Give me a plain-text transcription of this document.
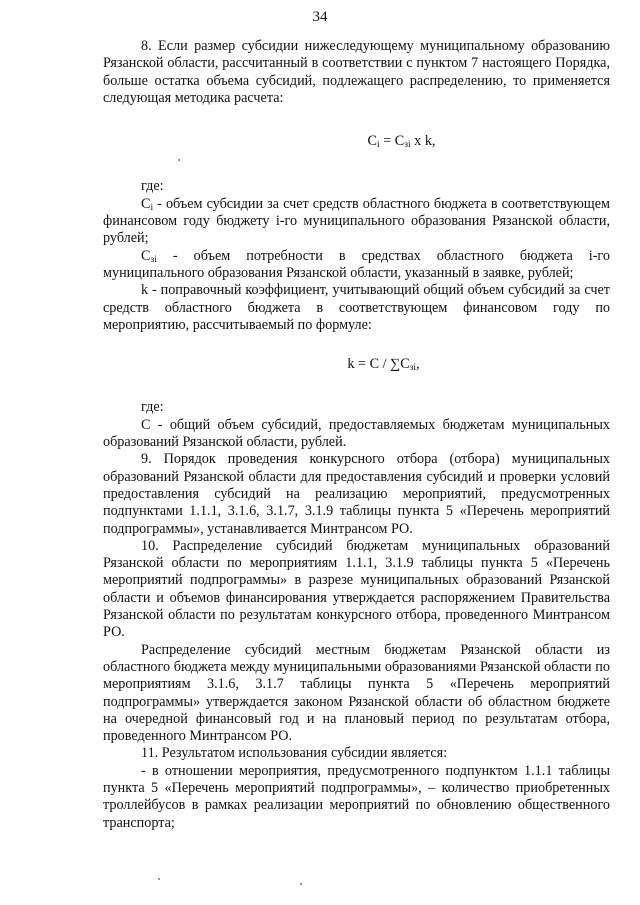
34

8. Если размер субсидии нижеследующему муниципальному образованию Рязанской области, рассчитанный в соответствии с пунктом 7 настоящего Порядка, больше остатка объема субсидий, подлежащего распределению, то применяется следующая методика расчета:

$C_i = C_{зi}$ x k,

где:

$C_i$ - объем субсидии за счет средств областного бюджета в соответствующем финансовом году бюджету i-го муниципального образования Рязанской области, рублей;

$C_{зi}$ - объем потребности в средствах областного бюджета i-го муниципального образования Рязанской области, указанный в заявке, рублей;

k - поправочный коэффициент, учитывающий общий объем субсидий за счет средств областного бюджета в соответствующем финансовом году по мероприятию, рассчитываемый по формуле:

$k = C / \sum C_{зi}$,

где:

C - общий объем субсидий, предоставляемых бюджетам муниципальных образований Рязанской области, рублей.

9. Порядок проведения конкурсного отбора (отбора) муниципальных образований Рязанской области для предоставления субсидий и проверки условий предоставления субсидий на реализацию мероприятий, предусмотренных подпунктами 1.1.1, 3.1.6, 3.1.7, 3.1.9 таблицы пункта 5 «Перечень мероприятий подпрограммы», устанавливается Минтрансом РО.

10. Распределение субсидий бюджетам муниципальных образований Рязанской области по мероприятиям 1.1.1, 3.1.9 таблицы пункта 5 «Перечень мероприятий подпрограммы» в разрезе муниципальных образований Рязанской области и объемов финансирования утверждается распоряжением Правительства Рязанской области по результатам конкурсного отбора, проведенного Минтрансом РО.

Распределение субсидий местным бюджетам Рязанской области из областного бюджета между муниципальными образованиями Рязанской области по мероприятиям 3.1.6, 3.1.7 таблицы пункта 5 «Перечень мероприятий подпрограммы» утверждается законом Рязанской области об областном бюджете на очередной финансовый год и на плановый период по результатам отбора, проведенного Минтрансом РО.

11. Результатом использования субсидии является:

- в отношении мероприятия, предусмотренного подпунктом 1.1.1 таблицы пункта 5 «Перечень мероприятий подпрограммы», – количество приобретенных троллейбусов в рамках реализации мероприятий по обновлению общественного транспорта;
